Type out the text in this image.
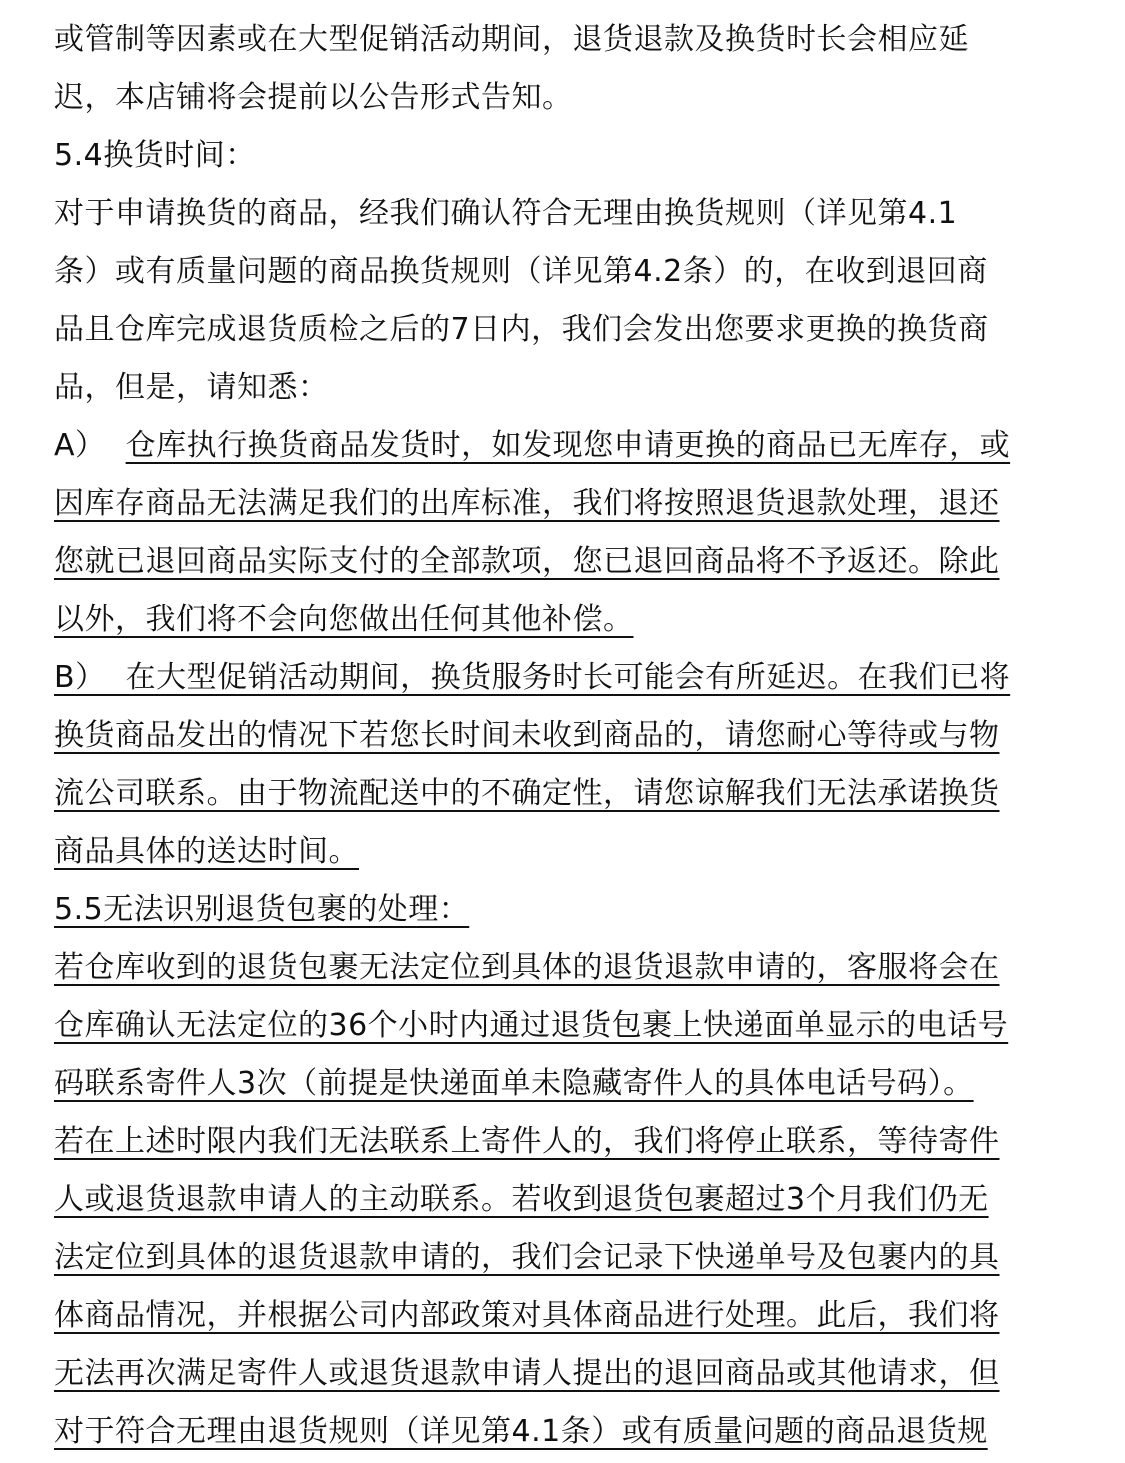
或管制等因素或在大型促销活动期间，退货退款及换货时长会相应延
迟，本店铺将会提前以公告形式告知。
5.4换货时间：
对于申请换货的商品，经我们确认符合无理由换货规则（详见第4.1
条）或有质量问题的商品换货规则（详见第4.2条）的，在收到退回商
品且仓库完成退货质检之后的7日内，我们会发出您要求更换的换货商
品，但是，请知悉：
A）  仓库执行换货商品发货时，如发现您申请更换的商品已无库存，或
因库存商品无法满足我们的出库标准，我们将按照退货退款处理，退还
您就已退回商品实际支付的全部款项，您已退回商品将不予返还。除此
以外，我们将不会向您做出任何其他补偿。
B）  在大型促销活动期间，换货服务时长可能会有所延迟。在我们已将
换货商品发出的情况下若您长时间未收到商品的，请您耐心等待或与物
流公司联系。由于物流配送中的不确定性，请您谅解我们无法承诺换货
商品具体的送达时间。
5.5无法识别退货包裹的处理：
若仓库收到的退货包裹无法定位到具体的退货退款申请的，客服将会在
仓库确认无法定位的36个小时内通过退货包裹上快递面单显示的电话号
码联系寄件人3次（前提是快递面单未隐藏寄件人的具体电话号码）。
若在上述时限内我们无法联系上寄件人的，我们将停止联系，等待寄件
人或退货退款申请人的主动联系。若收到退货包裹超过3个月我们仍无
法定位到具体的退货退款申请的，我们会记录下快递单号及包裹内的具
体商品情况，并根据公司内部政策对具体商品进行处理。此后，我们将
无法再次满足寄件人或退货退款申请人提出的退回商品或其他请求，但
对于符合无理由退货规则（详见第4.1条）或有质量问题的商品退货规
